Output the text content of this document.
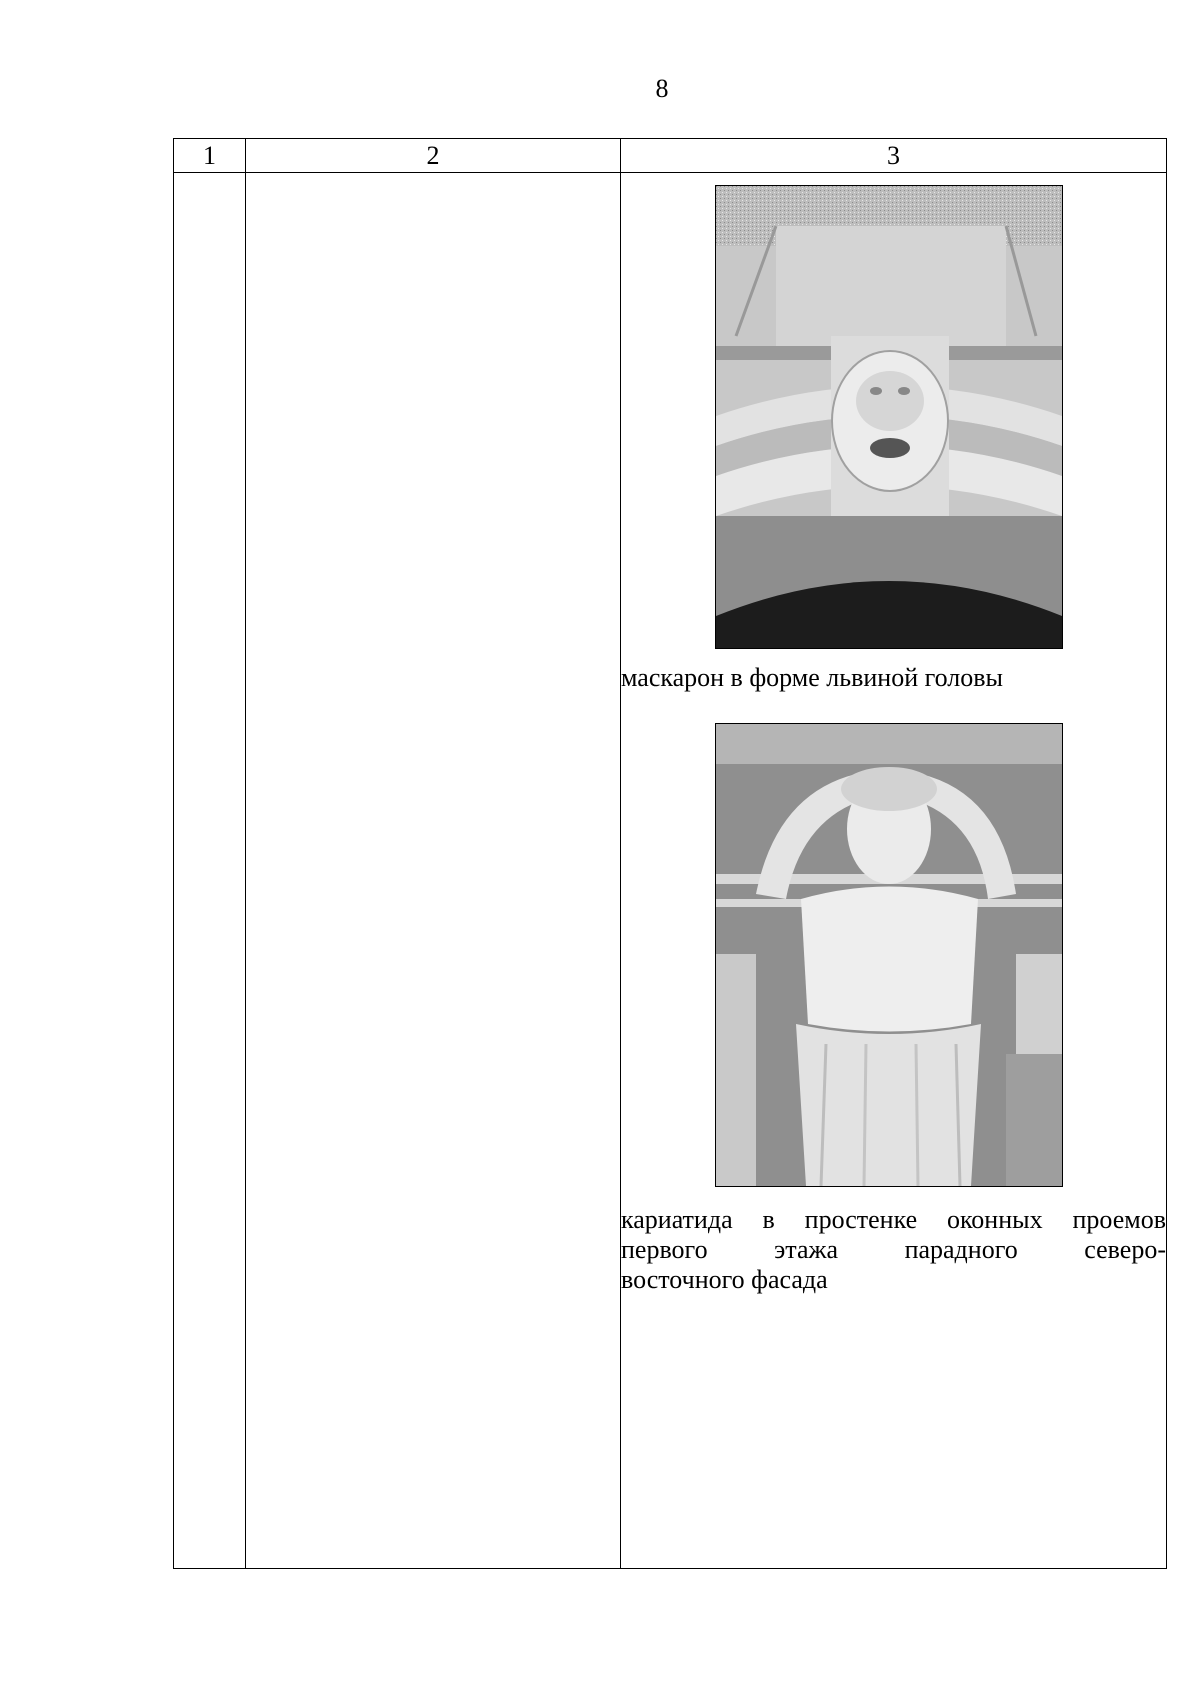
8
1	2	3

		маскарон в форме львиной головы

кариатида в простенке оконных проемов
первого этажа парадного северо-
восточного фасада
